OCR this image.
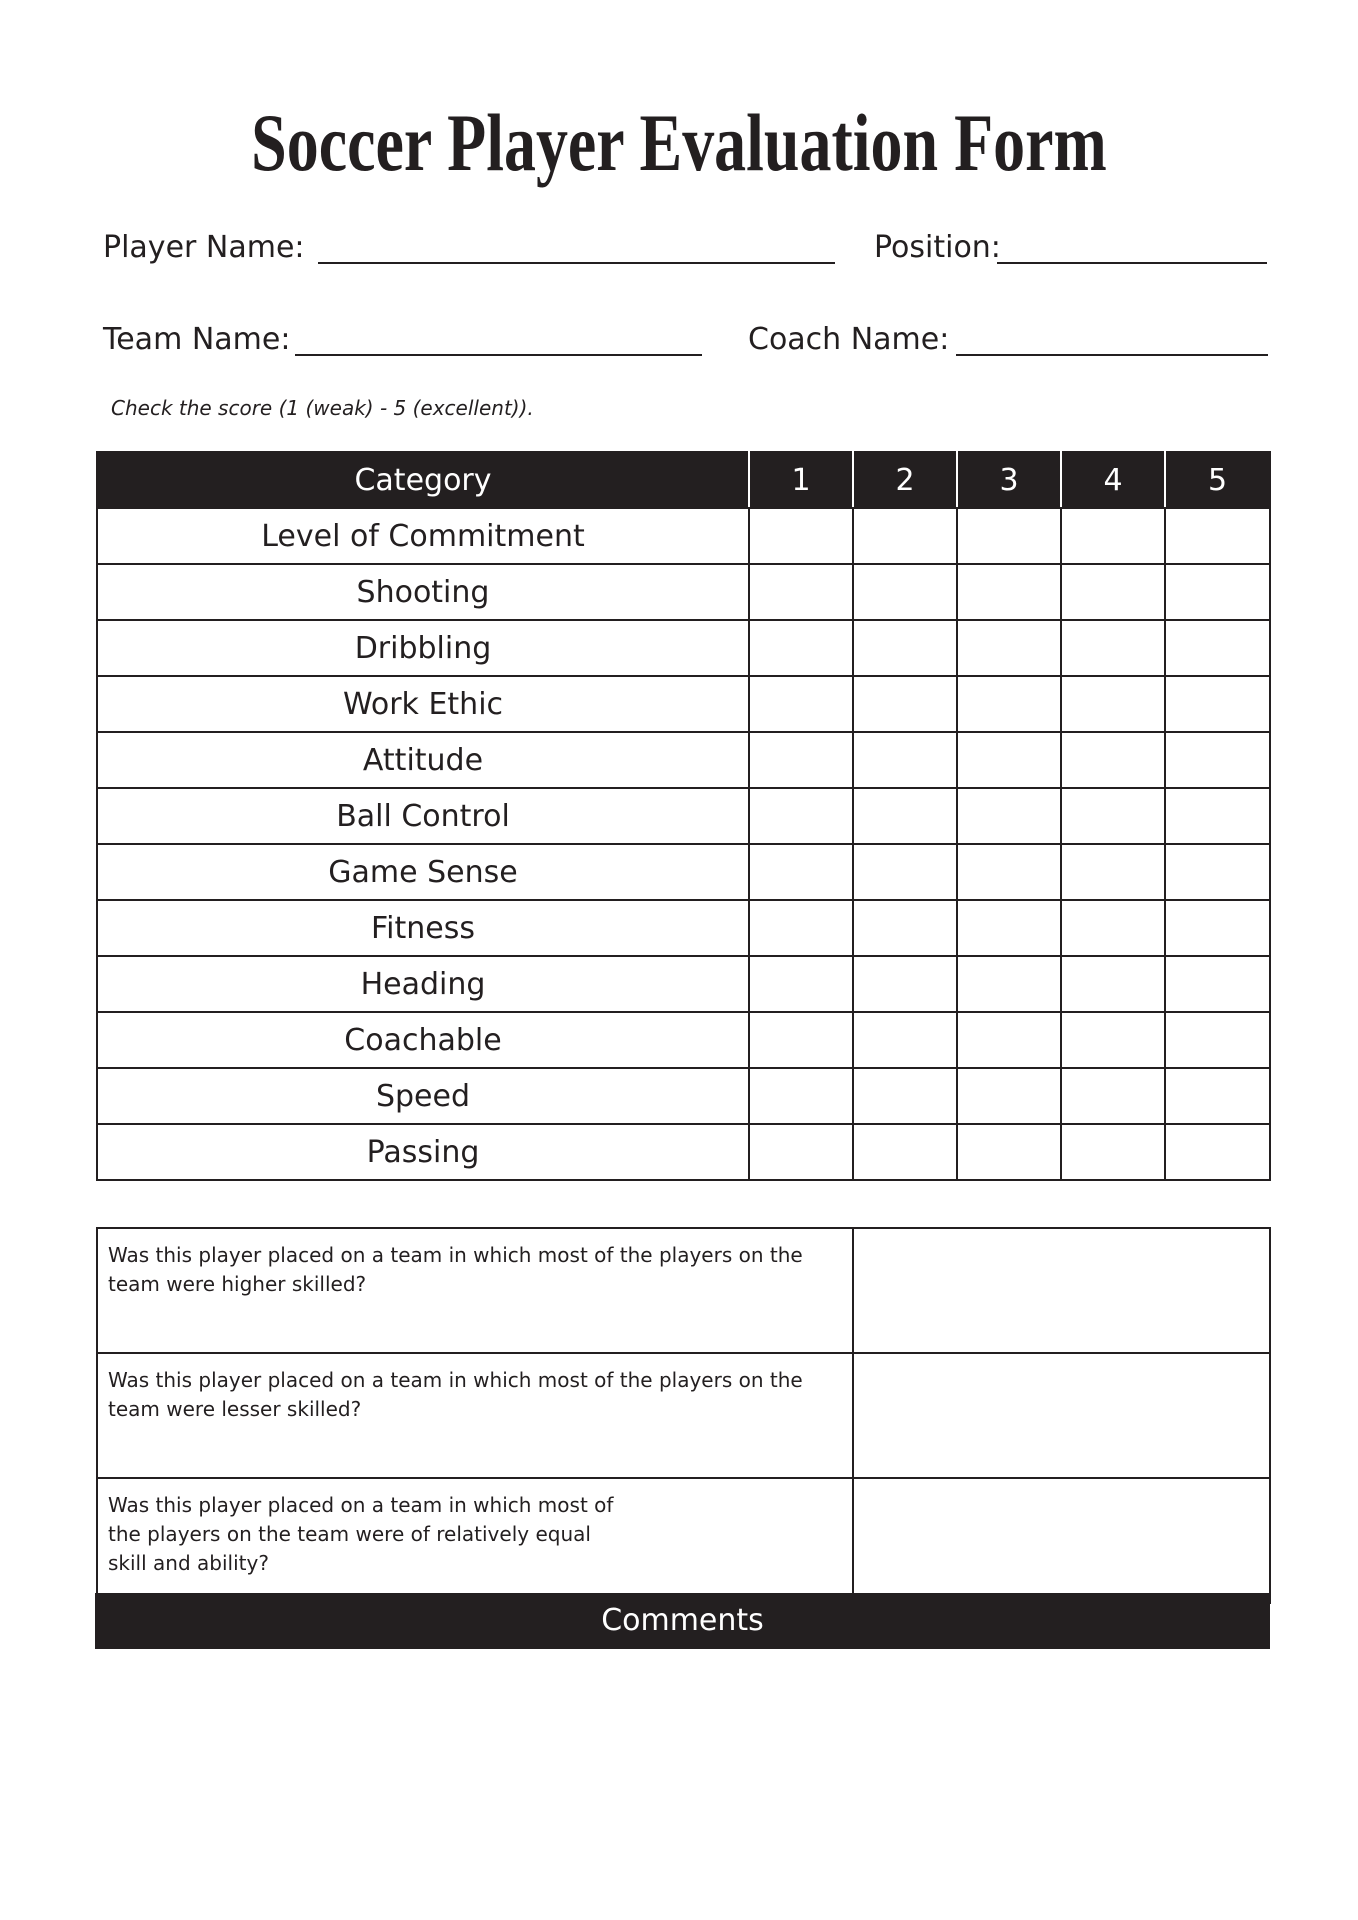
Soccer Player Evaluation Form
Player Name:	Position:
Team Name:	Coach Name:
Check the score (1 (weak) - 5 (excellent)).
Category	1	2	3	4	5
Level of Commitment					
Shooting					
Dribbling					
Work Ethic					
Attitude					
Ball Control					
Game Sense					
Fitness					
Heading					
Coachable					
Speed					
Passing					
Was this player placed on a team in which most of the players on the team were higher skilled?	
Was this player placed on a team in which most of the players on the team were lesser skilled?	
Was this player placed on a team in which most of
the players on the team were of relatively equal
skill and ability?	
Comments
